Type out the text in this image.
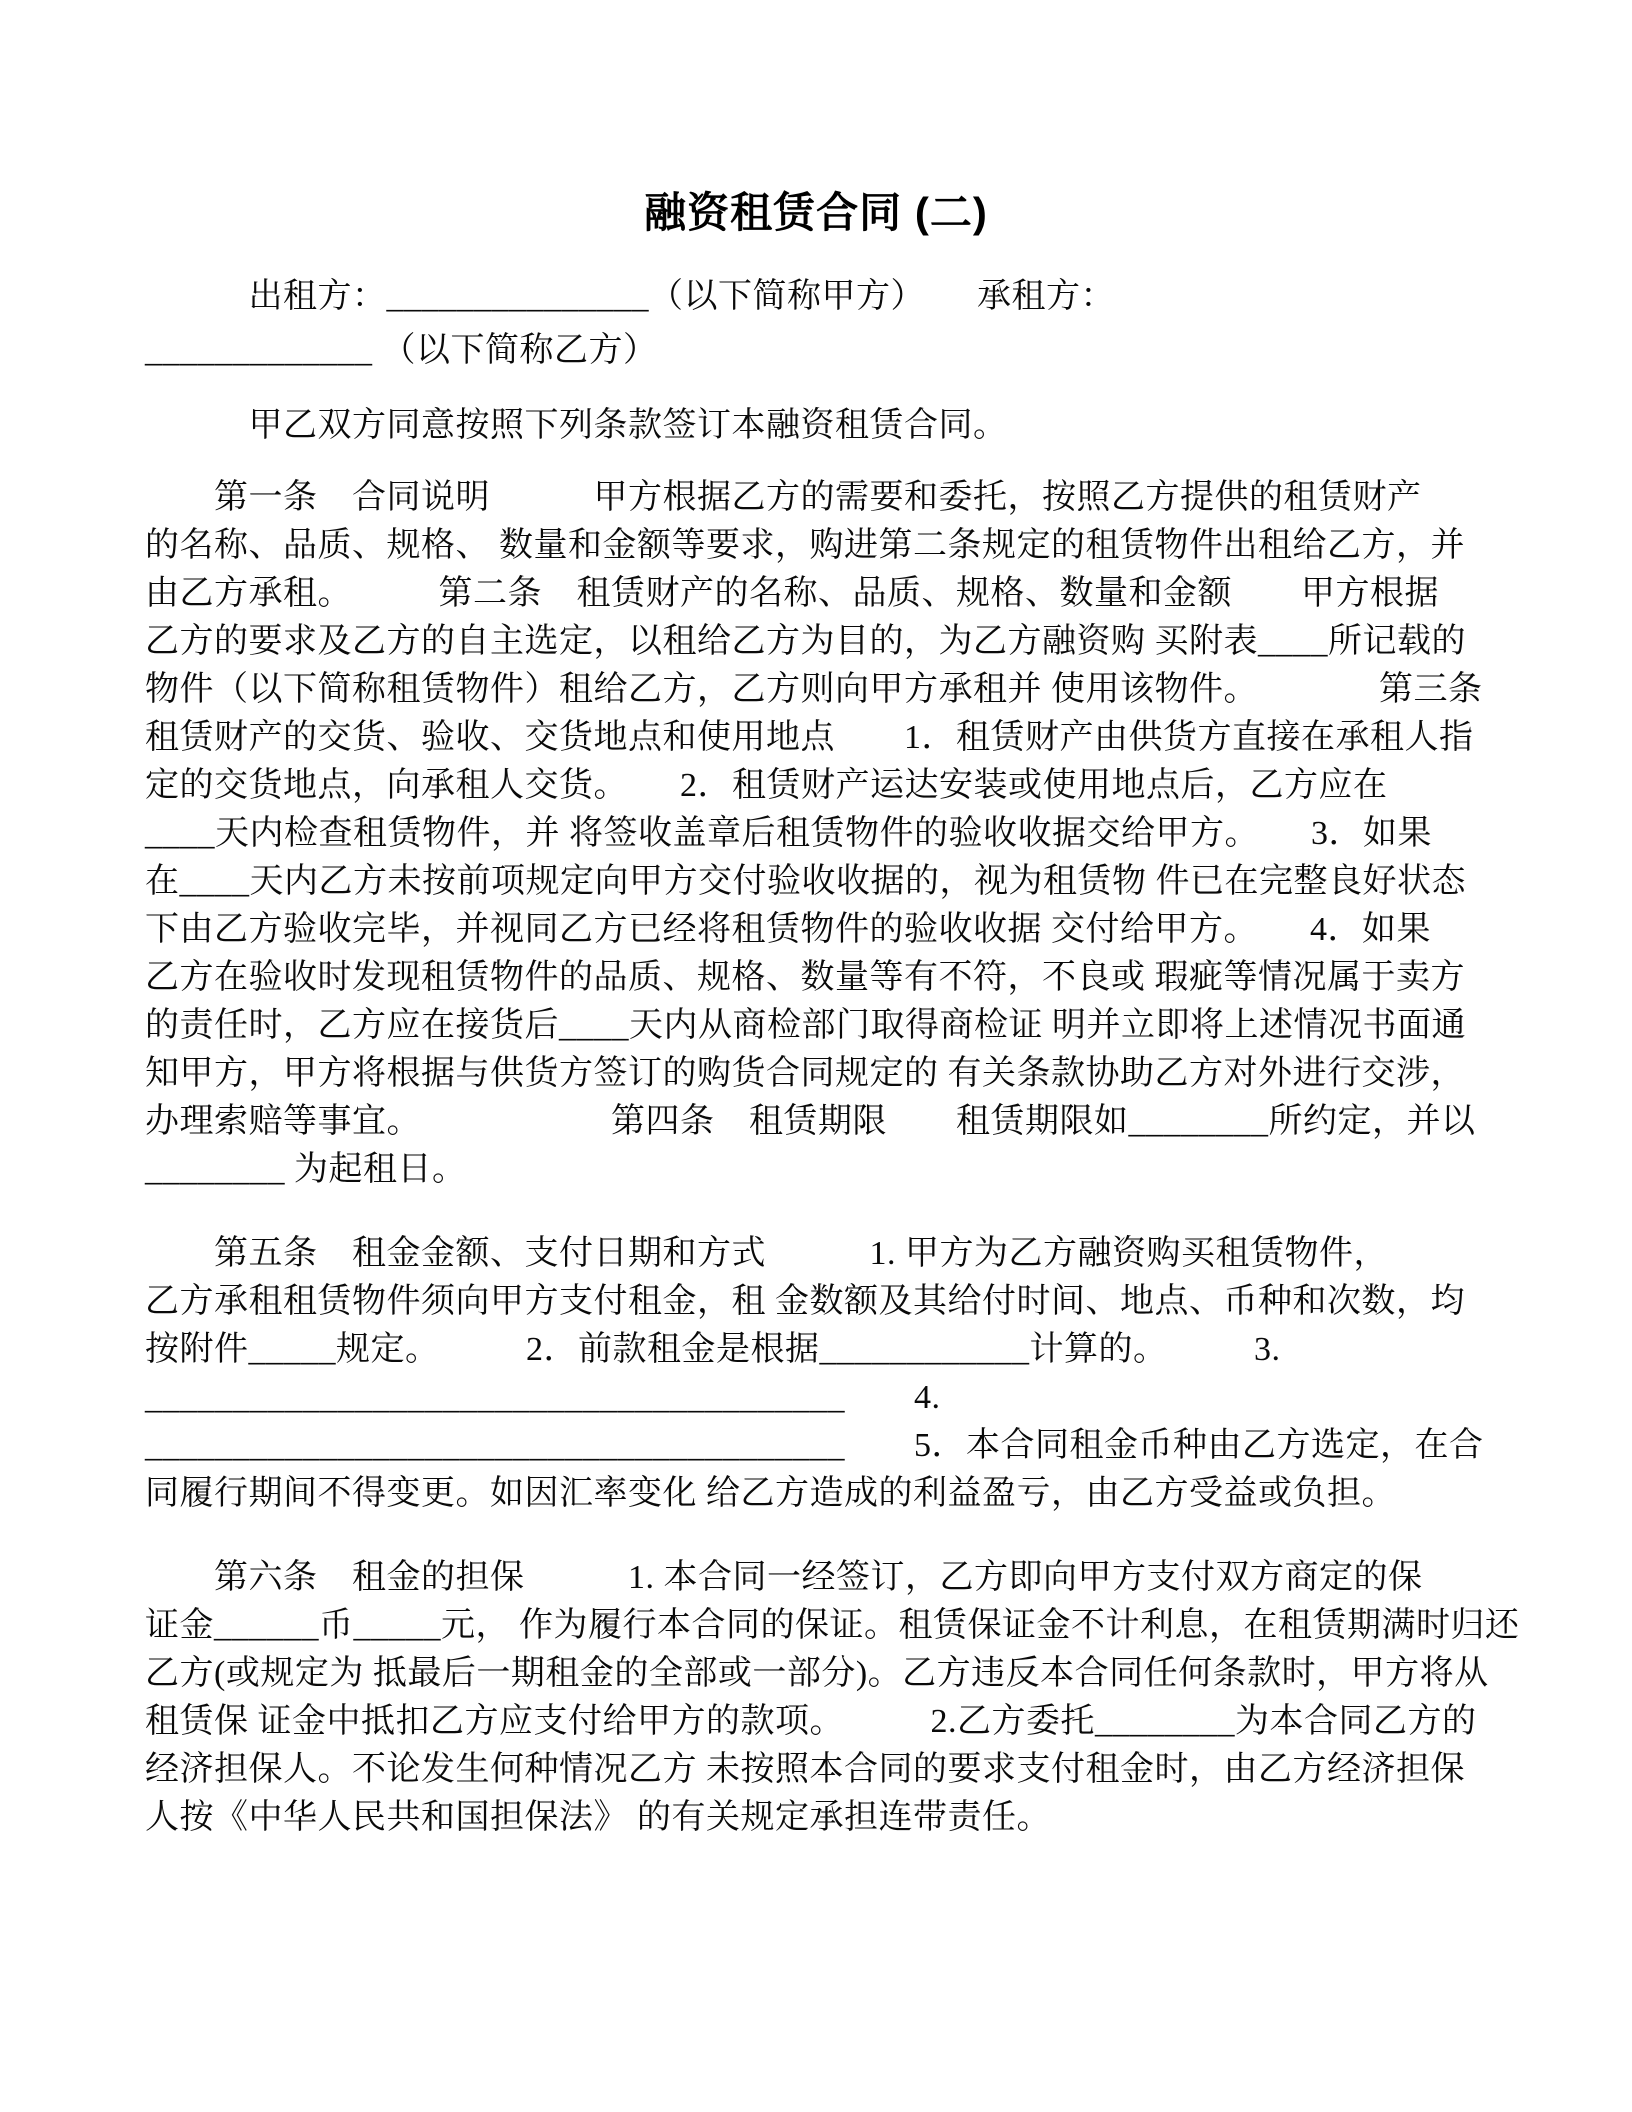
融资租赁合同 (二)
　　　出租方：_______________（以下简称甲方）　　承租方：
_____________ （以下简称乙方）
　　　甲乙双方同意按照下列条款签订本融资租赁合同。
　　第一条　合同说明　　　甲方根据乙方的需要和委托，按照乙方提供的租赁财产
的名称、品质、规格、 数量和金额等要求，购进第二条规定的租赁物件出租给乙方，并
由乙方承租。　　　第二条　租赁财产的名称、品质、规格、数量和金额　　甲方根据
乙方的要求及乙方的自主选定，以租给乙方为目的，为乙方融资购 买附表____所记载的
物件（以下简称租赁物件）租给乙方，乙方则向甲方承租并 使用该物件。　　　　第三条
租赁财产的交货、验收、交货地点和使用地点　　1．租赁财产由供货方直接在承租人指
定的交货地点，向承租人交货。　　2．租赁财产运达安装或使用地点后，乙方应在
____天内检查租赁物件，并 将签收盖章后租赁物件的验收收据交给甲方。　　3．如果
在____天内乙方未按前项规定向甲方交付验收收据的，视为租赁物 件已在完整良好状态
下由乙方验收完毕，并视同乙方已经将租赁物件的验收收据 交付给甲方。　　4．如果
乙方在验收时发现租赁物件的品质、规格、数量等有不符，不良或 瑕疵等情况属于卖方
的责任时，乙方应在接货后____天内从商检部门取得商检证 明并立即将上述情况书面通
知甲方，甲方将根据与供货方签订的购货合同规定的 有关条款协助乙方对外进行交涉，
办理索赔等事宜。　　　　　　第四条　租赁期限　　租赁期限如________所约定，并以
________ 为起租日。
　　第五条　租金金额、支付日期和方式　　　1. 甲方为乙方融资购买租赁物件，
乙方承租租赁物件须向甲方支付租金，租 金数额及其给付时间、地点、币种和次数，均
按附件_____规定。　　　2．前款租金是根据____________计算的。　　　3.
________________________________________　　4.
________________________________________　　5．本合同租金币种由乙方选定，在合
同履行期间不得变更。如因汇率变化 给乙方造成的利益盈亏，由乙方受益或负担。
　　第六条　租金的担保　　　1. 本合同一经签订，乙方即向甲方支付双方商定的保
证金______币_____元， 作为履行本合同的保证。租赁保证金不计利息，在租赁期满时归还
乙方(或规定为 抵最后一期租金的全部或一部分)。乙方违反本合同任何条款时，甲方将从
租赁保 证金中抵扣乙方应支付给甲方的款项。　　　2.乙方委托________为本合同乙方的
经济担保人。不论发生何种情况乙方 未按照本合同的要求支付租金时，由乙方经济担保
人按《中华人民共和国担保法》 的有关规定承担连带责任。
